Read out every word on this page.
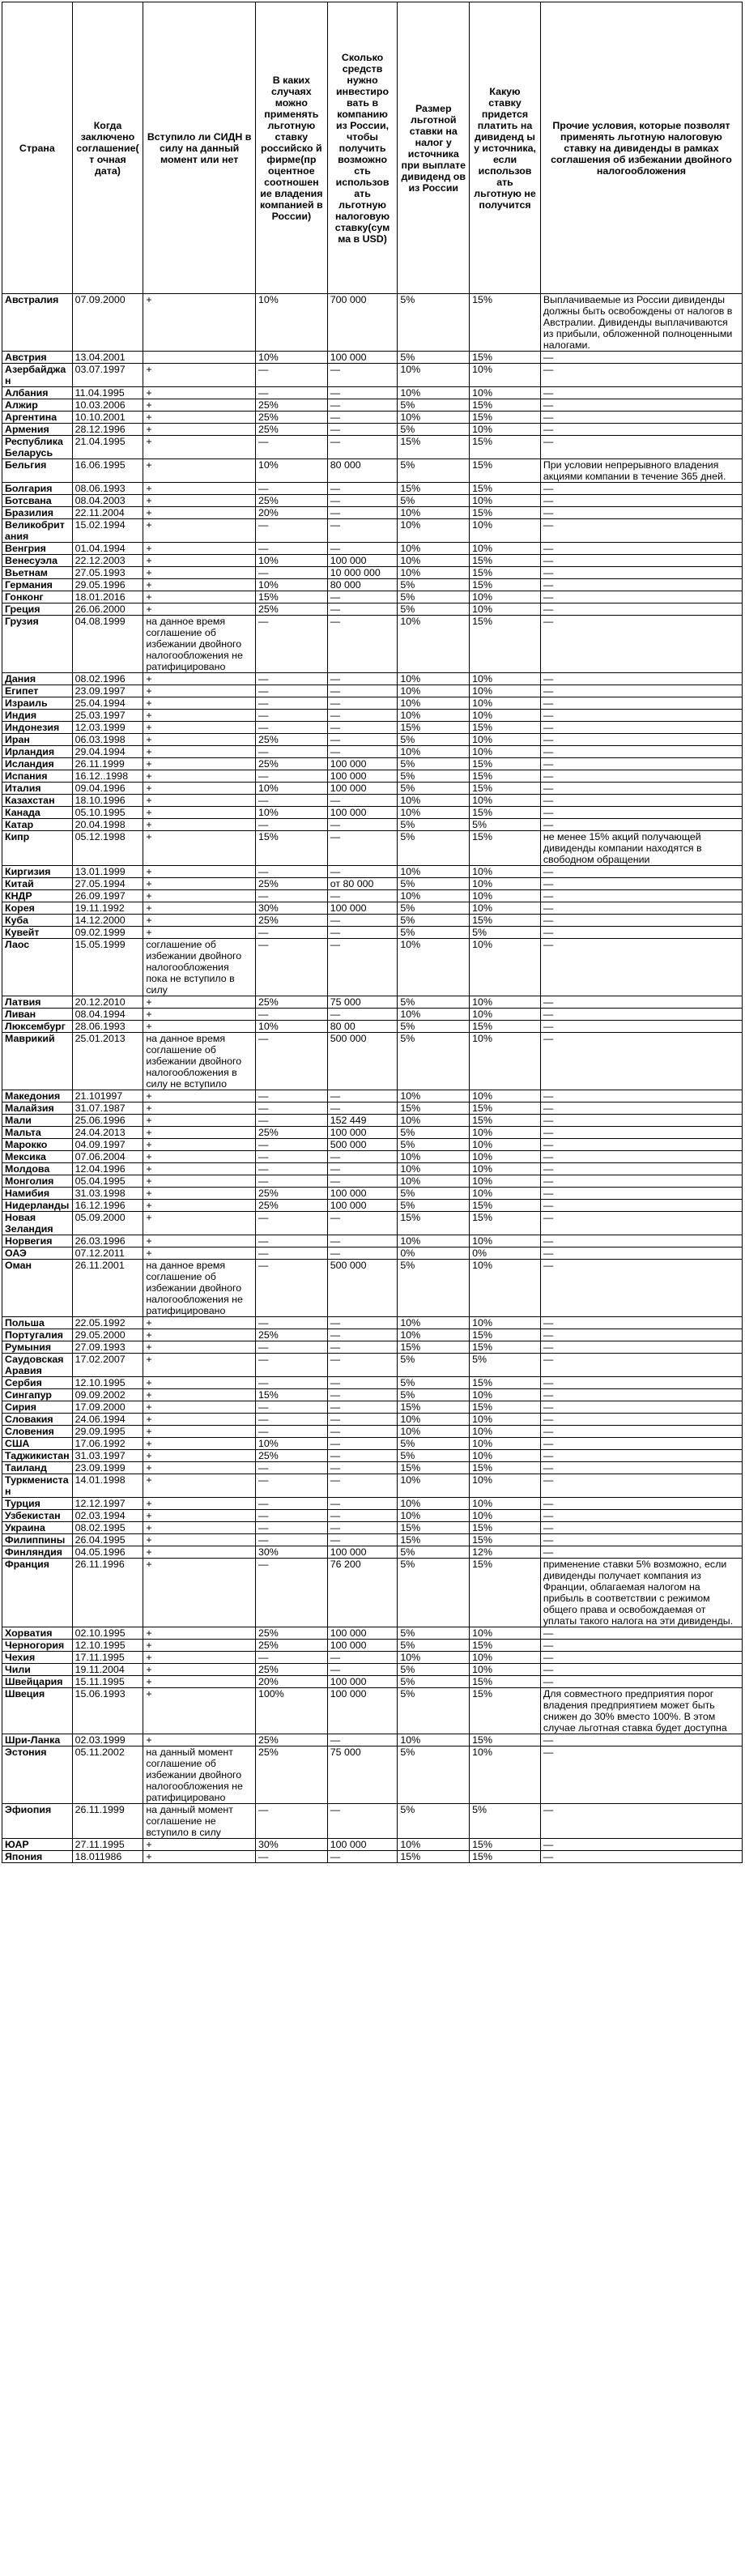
Страна	Когда заключено соглашение(т очная дата)	Вступило ли СИДН в силу на данный момент или нет	В каких случаях можно применять льготную ставку российско й фирме(пр оцентное соотношен ие владения компанией в России)	Сколько средств нужно инвестиро вать в компанию из России, чтобы получить возможно сть использов ать льготную налоговую ставку(сум ма в USD)	Размер льготной ставки на налог у источника при выплате дивиденд ов из России	Какую ставку придется платить на дивиденд ы у источника, если использов ать льготную не получится	Прочие условия, которые позволят применять льготную налоговую ставку на дивиденды в рамках соглашения об избежании двойного налогообложения
Австралия	07.09.2000	+	10%	700 000	5%	15%	Выплачиваемые из России дивиденды должны быть освобождены от налогов в Австралии. Дивиденды выплачиваются из прибыли, обложенной полноценными налогами.
Австрия	13.04.2001		10%	100 000	5%	15%	—
Азербайджан	03.07.1997	+	—	—	10%	10%	—
Албания	11.04.1995	+	—	—	10%	10%	—
Алжир	10.03.2006	+	25%	—	5%	15%	—
Аргентина	10.10.2001	+	25%	—	10%	15%	—
Армения	28.12.1996	+	25%	—	5%	10%	—
Республика Беларусь	21.04.1995	+	—	—	15%	15%	—
Бельгия	16.06.1995	+	10%	80 000	5%	15%	При условии непрерывного владения акциями компании в течение 365 дней.
Болгария	08.06.1993	+	—	—	15%	15%	—
Ботсвана	08.04.2003	+	25%	—	5%	10%	—
Бразилия	22.11.2004	+	20%	—	10%	15%	—
Великобритания	15.02.1994	+	—	—	10%	10%	—
Венгрия	01.04.1994	+	—	—	10%	10%	—
Венесуэла	22.12.2003	+	10%	100 000	10%	15%	—
Вьетнам	27.05.1993	+	—	10 000 000	10%	15%	—
Германия	29.05.1996	+	10%	80 000	5%	15%	—
Гонконг	18.01.2016	+	15%	—	5%	10%	—
Греция	26.06.2000	+	25%	—	5%	10%	—
Грузия	04.08.1999	на данное время соглашение об избежании двойного налогообложения не ратифицировано	—	—	10%	15%	—
Дания	08.02.1996	+	—	—	10%	10%	—
Египет	23.09.1997	+	—	—	10%	10%	—
Израиль	25.04.1994	+	—	—	10%	10%	—
Индия	25.03.1997	+	—	—	10%	10%	—
Индонезия	12.03.1999	+	—	—	15%	15%	—
Иран	06.03.1998	+	25%	—	5%	10%	—
Ирландия	29.04.1994	+	—	—	10%	10%	—
Исландия	26.11.1999	+	25%	100 000	5%	15%	—
Испания	16.12..1998	+	—	100 000	5%	15%	—
Италия	09.04.1996	+	10%	100 000	5%	15%	—
Казахстан	18.10.1996	+	—	—	10%	10%	—
Канада	05.10.1995	+	10%	100 000	10%	15%	—
Катар	20.04.1998	+	—	—	5%	5%	—
Кипр	05.12.1998	+	15%	—	5%	15%	не менее 15% акций получающей дивиденды компании находятся в свободном обращении
Киргизия	13.01.1999	+	—	—	10%	10%	—
Китай	27.05.1994	+	25%	от 80 000	5%	10%	—
КНДР	26.09.1997	+	—	—	10%	10%	—
Корея	19.11.1992	+	30%	100 000	5%	10%	—
Куба	14.12.2000	+	25%	—	5%	15%	—
Кувейт	09.02.1999	+	—	—	5%	5%	—
Лаос	15.05.1999	соглашение об избежании двойного налогообложения пока не вступило в силу	—	—	10%	10%	—
Латвия	20.12.2010	+	25%	75 000	5%	10%	—
Ливан	08.04.1994	+	—	—	10%	10%	—
Люксембург	28.06.1993	+	10%	80 00	5%	15%	—
Маврикий	25.01.2013	на данное время соглашение об избежании двойного налогообложения в силу не вступило	—	500 000	5%	10%	—
Македония	21.101997	+	—	—	10%	10%	—
Малайзия	31.07.1987	+	—	—	15%	15%	—
Мали	25.06.1996	+	—	152 449	10%	15%	—
Мальта	24.04.2013	+	25%	100 000	5%	10%	—
Марокко	04.09.1997	+	—	500 000	5%	10%	—
Мексика	07.06.2004	+	—	—	10%	10%	—
Молдова	12.04.1996	+	—	—	10%	10%	—
Монголия	05.04.1995	+	—	—	10%	10%	—
Намибия	31.03.1998	+	25%	100 000	5%	10%	—
Нидерланды	16.12.1996	+	25%	100 000	5%	15%	—
Новая Зеландия	05.09.2000	+	—	—	15%	15%	—
Норвегия	26.03.1996	+	—	—	10%	10%	—
ОАЭ	07.12.2011	+	—	—	0%	0%	—
Оман	26.11.2001	на данное время соглашение об избежании двойного налогообложения не ратифицировано	—	500 000	5%	10%	—
Польша	22.05.1992	+	—	—	10%	10%	—
Португалия	29.05.2000	+	25%	—	10%	15%	—
Румыния	27.09.1993	+	—	—	15%	15%	—
Саудовская Аравия	17.02.2007	+	—	—	5%	5%	—
Сербия	12.10.1995	+	—	—	5%	15%	—
Сингапур	09.09.2002	+	15%	—	5%	10%	—
Сирия	17.09.2000	+	—	—	15%	15%	—
Словакия	24.06.1994	+	—	—	10%	10%	—
Словения	29.09.1995	+	—	—	10%	10%	—
США	17.06.1992	+	10%	—	5%	10%	—
Таджикистан	31.03.1997	+	25%	—	5%	10%	—
Таиланд	23.09.1999	+	—	—	15%	15%	—
Туркменистан	14.01.1998	+	—	—	10%	10%	—
Турция	12.12.1997	+	—	—	10%	10%	—
Узбекистан	02.03.1994	+	—	—	10%	10%	—
Украина	08.02.1995	+	—	—	15%	15%	—
Филиппины	26.04.1995	+	—	—	15%	15%	—
Финляндия	04.05.1996	+	30%	100 000	5%	12%	—
Франция	26.11.1996	+	—	76 200	5%	15%	применение ставки 5% возможно, если дивиденды получает компания из Франции, облагаемая налогом на прибыль в соответствии с режимом общего права и освобождаемая от уплаты такого налога на эти дивиденды.
Хорватия	02.10.1995	+	25%	100 000	5%	10%	—
Черногория	12.10.1995	+	25%	100 000	5%	15%	—
Чехия	17.11.1995	+	—	—	10%	10%	—
Чили	19.11.2004	+	25%	—	5%	10%	—
Швейцария	15.11.1995	+	20%	100 000	5%	15%	—
Швеция	15.06.1993	+	100%	100 000	5%	15%	Для совместного предприятия порог владения предприятием может быть снижен до 30% вместо 100%. В этом случае льготная ставка будет доступна
Шри-Ланка	02.03.1999	+	25%	—	10%	15%	—
Эстония	05.11.2002	на данный момент соглашение об избежании двойного налогообложения не ратифицировано	25%	75 000	5%	10%	—
Эфиопия	26.11.1999	на данный момент соглашение не вступило в силу	—	—	5%	5%	—
ЮАР	27.11.1995	+	30%	100 000	10%	15%	—
Япония	18.011986	+	—	—	15%	15%	—
